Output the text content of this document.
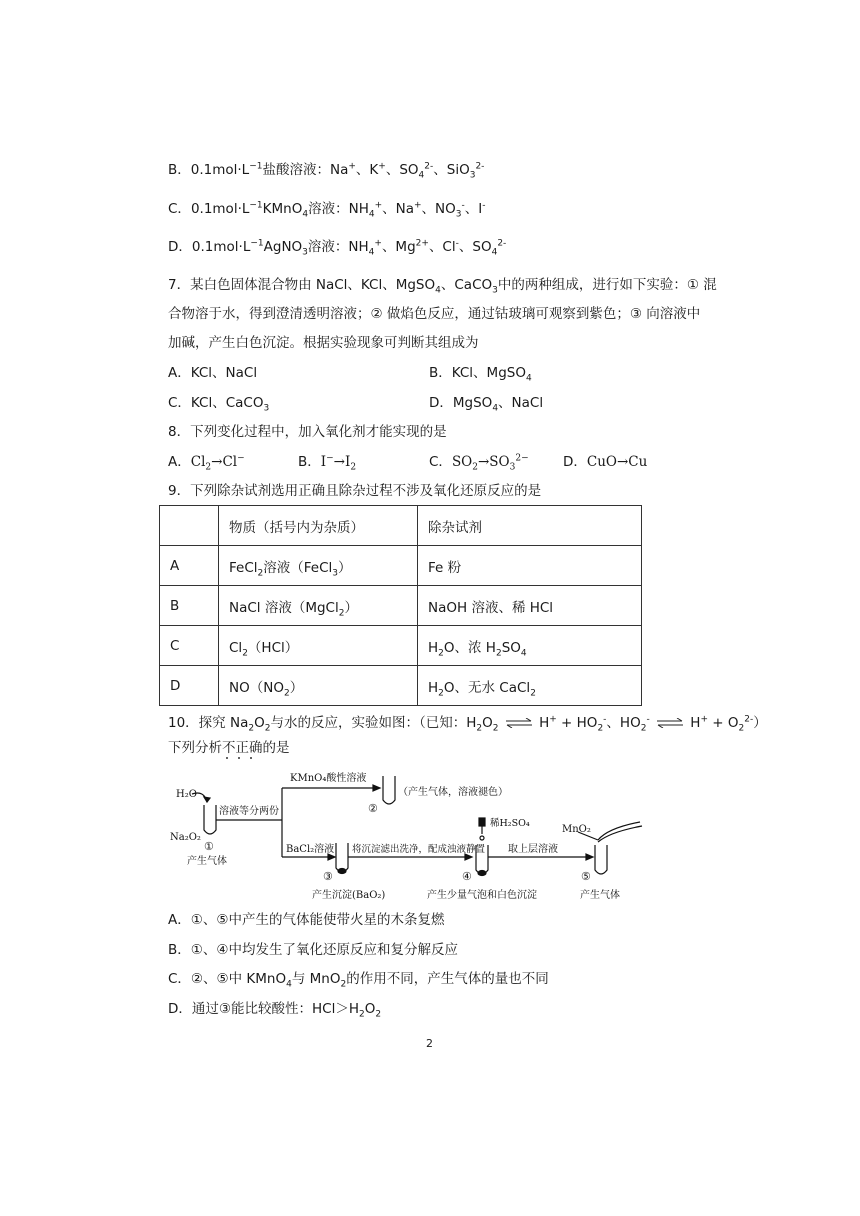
B．$0.1mol\cdot L^{-1}$盐酸溶液：Na+、K+、$SO_4^{2-}$、SiO$_3^{2-}$
C．$0.1mol\cdot L^{-1}KMnO_4$溶液：$NH_4^+$、Na+、$NO_3^-$、I-
D．$0.1mol\cdot L^{-1}AgNO_3$溶液：$NH_4^+$、$Mg^{2+}$、Cl-、$SO_4^{2-}$
7．某白色固体混合物由 NaCl、KCl、MgSO$_4$、CaCO$_3$中的两种组成，进行如下实验：① 混
合物溶于水，得到澄清透明溶液；② 做焰色反应，通过钴玻璃可观察到紫色；③ 向溶液中
加碱，产生白色沉淀。根据实验现象可判断其组成为
A．KCl、NaCl	B．KCl、MgSO$_4$
C．KCl、CaCO$_3$	D．MgSO$_4$、NaCl
8．下列变化过程中，加入氧化剂才能实现的是
A．$Cl_2\to Cl^-$	B．$I^-\to I_2$	C．$SO_2\to SO_3^{2-}$	D．CuO→Cu
9．下列除杂试剂选用正确且除杂过程不涉及氧化还原反应的是
	物质（括号内为杂质）	除杂试剂
A	FeCl$_2$溶液（FeCl$_3$）	Fe 粉
B	NaCl 溶液（MgCl$_2$）	NaOH 溶液、稀 HCl
C	$Cl_2(HCl)$	$H_2O$、浓 $H_2SO_4$
D	$NO(NO_2)$	$H_2O$、无水 CaCl$_2$
10．探究 $Na_2O_2$与水的反应，实验如图：（已知：$H_2O_2$ ⇌ $H^+ + HO_2^-$、$HO_2^-$ ⇌ $H^+ + O_2^{2-}$）
下列分析不正确的是
H₂O
Na₂O₂
溶液等分两份
KMnO₄酸性溶液
（产生气体，溶液褪色）
BaCl₂溶液 将沉淀滤出洗净，配成浊液静置
稀H₂SO₄
取上层溶液
MnO₂
①
②
③	④	⑤
产生气体
产生沉淀(BaO₂)	产生少量气泡和白色沉淀	产生气体
A．①、⑤中产生的气体能使带火星的木条复燃
B．①、④中均发生了氧化还原反应和复分解反应
C．②、⑤中 KMnO$_4$与 MnO$_2$的作用不同，产生气体的量也不同
D．通过③能比较酸性：$HCl>H_2O_2$
2
